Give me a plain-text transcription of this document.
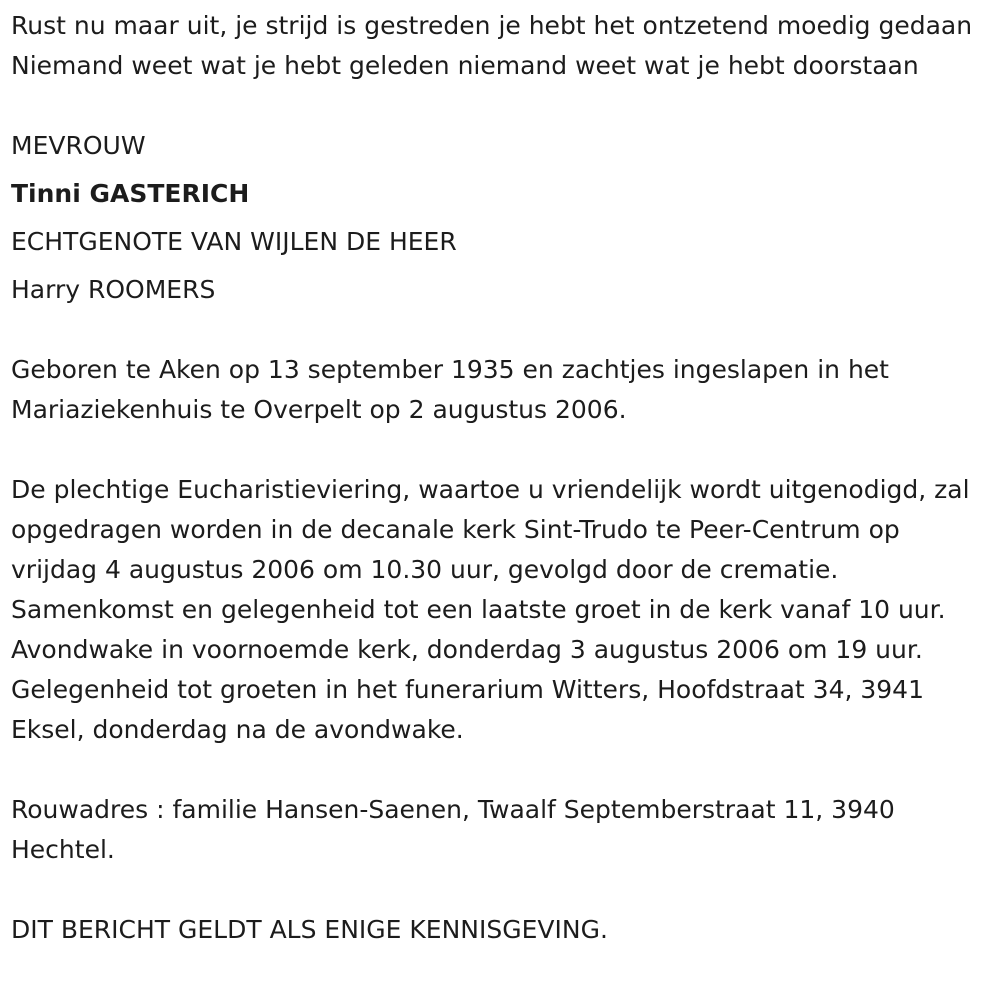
Rust nu maar uit, je strijd is gestreden je hebt het ontzetend moedig gedaan Niemand weet wat je hebt geleden niemand weet wat je hebt doorstaan

MEVROUW

Tinni GASTERICH

ECHTGENOTE VAN WIJLEN DE HEER

Harry ROOMERS

Geboren te Aken op 13 september 1935 en zachtjes ingeslapen in het Mariaziekenhuis te Overpelt op 2 augustus 2006.

De plechtige Eucharistieviering, waartoe u vriendelijk wordt uitgenodigd, zal opgedragen worden in de decanale kerk Sint-Trudo te Peer-Centrum op vrijdag 4 augustus 2006 om 10.30 uur, gevolgd door de crematie. Samenkomst en gelegenheid tot een laatste groet in de kerk vanaf 10 uur. Avondwake in voornoemde kerk, donderdag 3 augustus 2006 om 19 uur. Gelegenheid tot groeten in het funerarium Witters, Hoofdstraat 34, 3941 Eksel, donderdag na de avondwake.

Rouwadres : familie Hansen-Saenen, Twaalf Septemberstraat 11, 3940 Hechtel.

DIT BERICHT GELDT ALS ENIGE KENNISGEVING.
